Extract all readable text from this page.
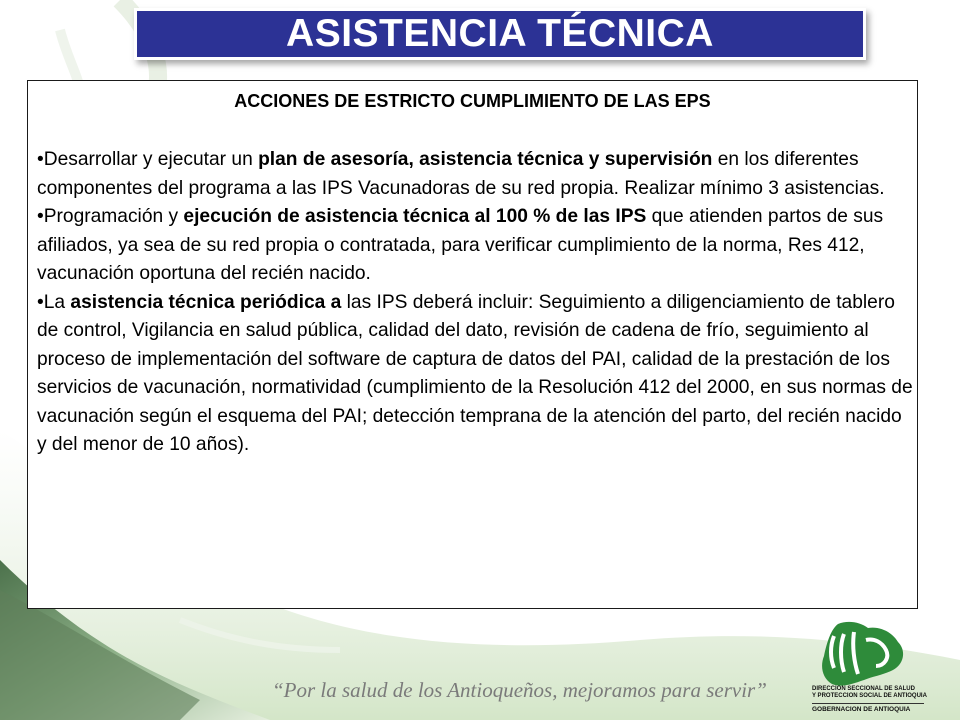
ASISTENCIA TÉCNICA
ACCIONES DE ESTRICTO CUMPLIMIENTO DE LAS EPS

•Desarrollar y ejecutar un plan de asesoría, asistencia técnica y supervisión en los diferentes componentes del programa a las IPS Vacunadoras de su red propia. Realizar mínimo 3 asistencias.

•Programación y ejecución de asistencia técnica al 100 % de las IPS que atienden partos de sus afiliados, ya sea de su red propia o contratada, para verificar cumplimiento de la norma, Res 412, vacunación oportuna del recién nacido.

•La asistencia técnica periódica a las IPS deberá incluir: Seguimiento a diligenciamiento de tablero de control, Vigilancia en salud pública, calidad del dato, revisión de cadena de frío, seguimiento al proceso de implementación del software de captura de datos del PAI, calidad de la prestación de los servicios de vacunación, normatividad (cumplimiento de la Resolución 412 del 2000, en sus normas de vacunación según el esquema del PAI; detección temprana de la atención del parto, del recién nacido y del menor de 10 años).

“Por la salud de los Antioqueños, mejoramos para servir”	DIRECCION SECCIONAL DE SALUD
Y PROTECCION SOCIAL DE ANTIOQUIA
GOBERNACION DE ANTIOQUIA
